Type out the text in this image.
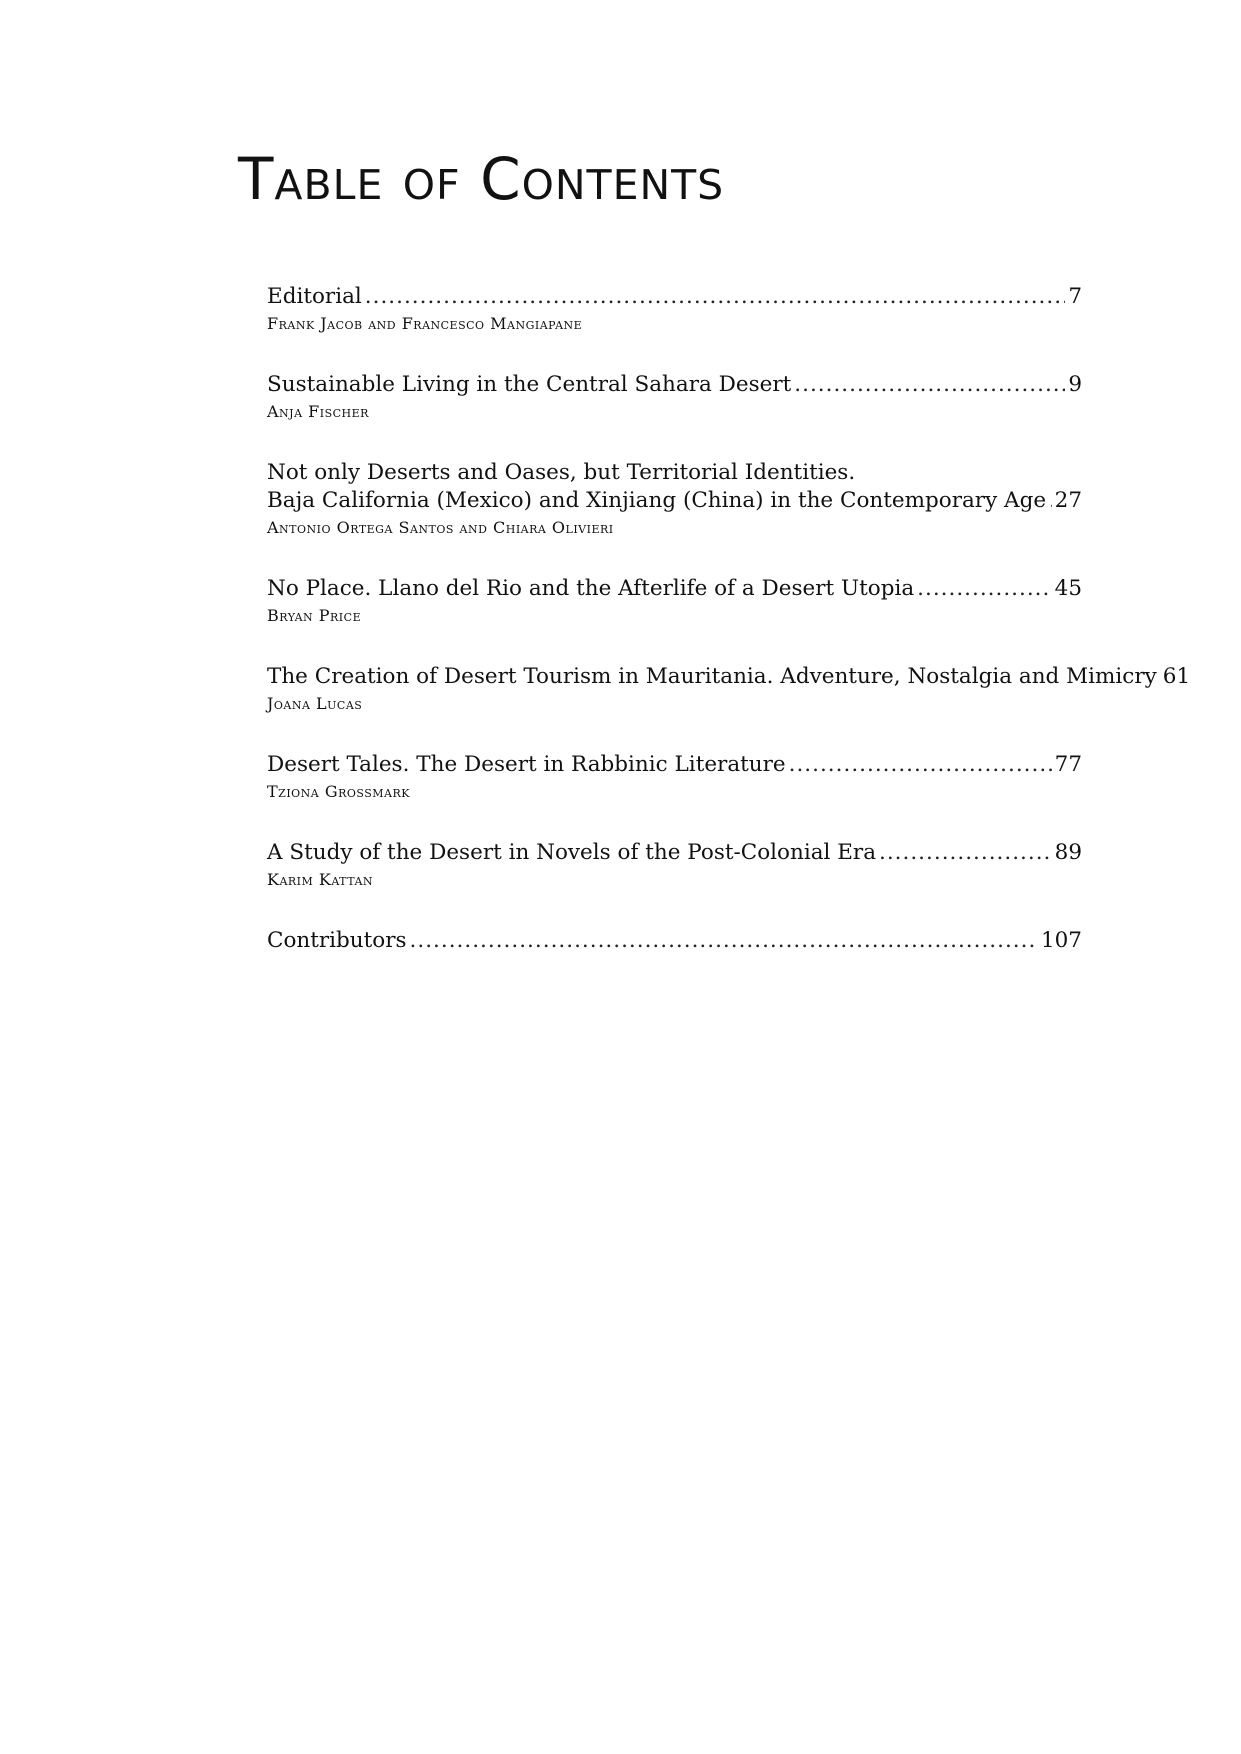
Table of Contents
Editorial .....	7
Frank Jacob and Francesco Mangiapane
Sustainable Living in the Central Sahara Desert .....	9
Anja Fischer
Not only Deserts and Oases, but Territorial Identities.
Baja California (Mexico) and Xinjiang (China) in the Contemporary Age ..... 27
Antonio Ortega Santos and Chiara Olivieri
No Place. Llano del Rio and the Afterlife of a Desert Utopia .....	45
Bryan Price
The Creation of Desert Tourism in Mauritania. Adventure, Nostalgia and Mimicry 61
Joana Lucas
Desert Tales. The Desert in Rabbinic Literature .....	77
Tziona Grossmark
A Study of the Desert in Novels of the Post-Colonial Era .....	89
Karim Kattan
Contributors .....	107
